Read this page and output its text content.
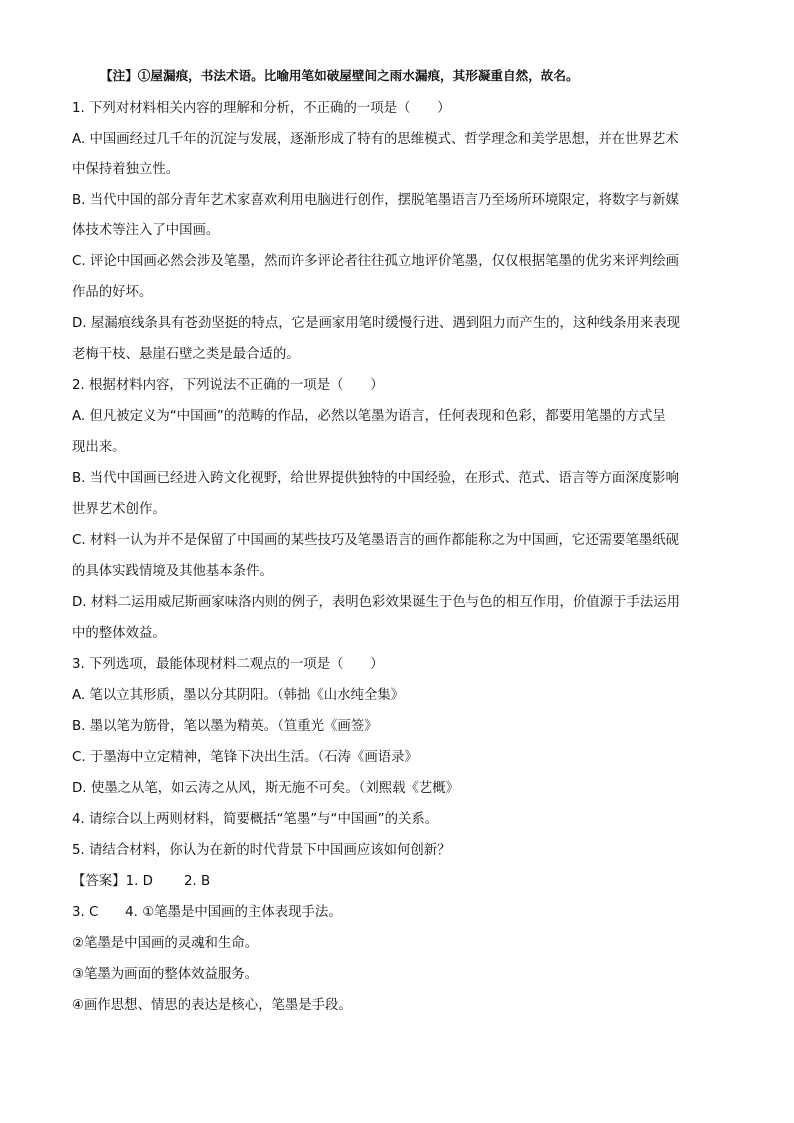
【注】①屋漏痕，书法术语。比喻用笔如破屋壁间之雨水漏痕，其形凝重自然，故名。
1. 下列对材料相关内容的理解和分析，不正确的一项是（　　）
A. 中国画经过几千年的沉淀与发展，逐渐形成了特有的思维模式、哲学理念和美学思想，并在世界艺术
中保持着独立性。
B. 当代中国的部分青年艺术家喜欢利用电脑进行创作，摆脱笔墨语言乃至场所环境限定，将数字与新媒
体技术等注入了中国画。
C. 评论中国画必然会涉及笔墨，然而许多评论者往往孤立地评价笔墨，仅仅根据笔墨的优劣来评判绘画
作品的好坏。
D. 屋漏痕线条具有苍劲坚挺的特点，它是画家用笔时缓慢行进、遇到阻力而产生的，这种线条用来表现
老梅干枝、悬崖石壁之类是最合适的。
2. 根据材料内容，下列说法不正确的一项是（　　）
A. 但凡被定义为“中国画”的范畴的作品，必然以笔墨为语言，任何表现和色彩，都要用笔墨的方式呈
现出来。
B. 当代中国画已经进入跨文化视野，给世界提供独特的中国经验，在形式、范式、语言等方面深度影响
世界艺术创作。
C. 材料一认为并不是保留了中国画的某些技巧及笔墨语言的画作都能称之为中国画，它还需要笔墨纸砚
的具体实践情境及其他基本条件。
D. 材料二运用威尼斯画家味洛内则的例子，表明色彩效果诞生于色与色的相互作用，价值源于手法运用
中的整体效益。
3. 下列选项，最能体现材料二观点的一项是（　　）
A. 笔以立其形质，墨以分其阴阳。（韩拙《山水纯全集》
B. 墨以笔为筋骨，笔以墨为精英。（笪重光《画签》
C. 于墨海中立定精神，笔锋下决出生活。（石涛《画语录》
D. 使墨之从笔，如云涛之从风，斯无施不可矣。（刘熙载《艺概》
4. 请综合以上两则材料，简要概括“笔墨”与“中国画”的关系。
5. 请结合材料，你认为在新的时代背景下中国画应该如何创新？
【答案】1. D　　 2. B
3. C　　4. ①笔墨是中国画的主体表现手法。
②笔墨是中国画的灵魂和生命。
③笔墨为画面的整体效益服务。
④画作思想、情思的表达是核心，笔墨是手段。
